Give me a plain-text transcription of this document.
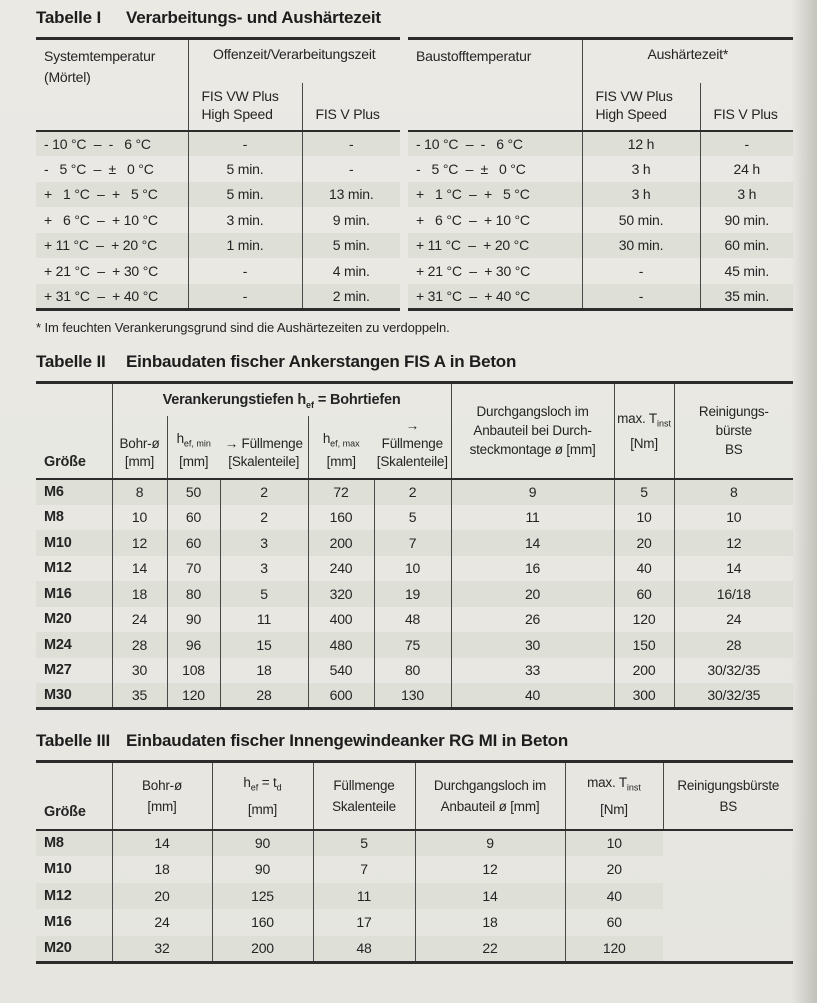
Tabelle I	Verarbeitungs- und Aushärtezeit
Systemtemperatur
(Mörtel)	Offenzeit/Verarbeitungszeit	

	FIS VW Plus
High Speed	FIS V Plus
- 10 °C  –  -   6 °C	-	-
-   5 °C  –  ±   0 °C	5 min.	-
+   1 °C  –  +   5 °C	5 min.	13 min.
+   6 °C  –  + 10 °C	3 min.	9 min.
+ 11 °C  –  + 20 °C	1 min.	5 min.
+ 21 °C  –  + 30 °C	-	4 min.
+ 31 °C  –  + 40 °C	-	2 min.
Baustofftemperatur	Aushärtezeit*	

	FIS VW Plus
High Speed	FIS V Plus
- 10 °C  –  -   6 °C	12 h	-
-   5 °C  –  ±   0 °C	3 h	24 h
+   1 °C  –  +   5 °C	3 h	3 h
+   6 °C  –  + 10 °C	50 min.	90 min.
+ 11 °C  –  + 20 °C	30 min.	60 min.
+ 21 °C  –  + 30 °C	-	45 min.
+ 31 °C  –  + 40 °C	-	35 min.
* Im feuchten Verankerungsgrund sind die Aushärtezeiten zu verdoppeln.
Tabelle II	Einbaudaten fischer Ankerstangen FIS A in Beton
Größe	Verankerungstiefen $h_{ef}$ = Bohrtiefen	
Durchgangsloch im
Anbauteil bei Durch-
steckmontage ø [mm]

max. $T_{inst}$
[Nm]

Reinigungs-
bürste
BS

Bohr-ø
[mm]

$h_{ef, min}$
[mm]

→ Füllmenge
[Skalenteile]

$h_{ef, max}$
[mm]

→ Füllmenge
[Skalenteile]

M6	8	50	2	72	2	9	5	8
M8	10	60	2	160	5	11	10	10
M10	12	60	3	200	7	14	20	12
M12	14	70	3	240	10	16	40	14
M16	18	80	5	320	19	20	60	16/18
M20	24	90	11	400	48	26	120	24
M24	28	96	15	480	75	30	150	28
M27	30	108	18	540	80	33	200	30/32/35
M30	35	120	28	600	130	40	300	30/32/35
Tabelle III Einbaudaten fischer Innengewindeanker RG MI in Beton
Größe	
Bohr-ø
[mm]

$h_{ef} = t_d$
[mm]

Füllmenge
Skalenteile

Durchgangsloch im
Anbauteil ø [mm]

max. $T_{inst}$
[Nm]

Reinigungsbürste
BS

M8	14	90	5	9	10	
M10	18	90	7	12	20	
M12	20	125	11	14	40	
M16	24	160	17	18	60	
M20	32	200	48	22	120	
